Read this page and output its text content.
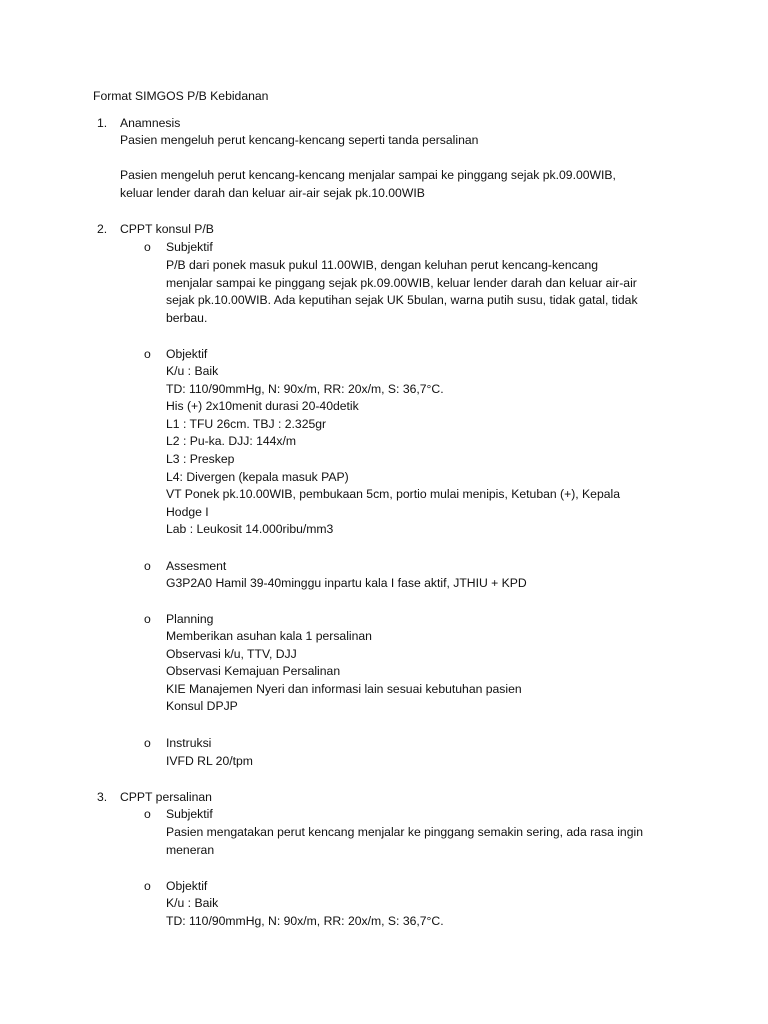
Format SIMGOS P/B Kebidanan
1. Anamnesis
Pasien mengeluh perut kencang-kencang seperti tanda persalinan

Pasien mengeluh perut kencang-kencang menjalar sampai ke pinggang sejak pk.09.00WIB,
keluar lender darah dan keluar air-air sejak pk.10.00WIB
2. CPPT konsul P/B
o Subjektif
P/B dari ponek masuk pukul 11.00WIB, dengan keluhan perut kencang-kencang
menjalar sampai ke pinggang sejak pk.09.00WIB, keluar lender darah dan keluar air-air
sejak pk.10.00WIB. Ada keputihan sejak UK 5bulan, warna putih susu, tidak gatal, tidak
berbau.
o Objektif
K/u : Baik
TD: 110/90mmHg, N: 90x/m, RR: 20x/m, S: 36,7°C.
His (+) 2x10menit durasi 20-40detik
L1 : TFU 26cm. TBJ : 2.325gr
L2 : Pu-ka. DJJ: 144x/m
L3 : Preskep
L4: Divergen (kepala masuk PAP)
VT Ponek pk.10.00WIB, pembukaan 5cm, portio mulai menipis, Ketuban (+), Kepala
Hodge I
Lab : Leukosit 14.000ribu/mm3
o Assesment
G3P2A0 Hamil 39-40minggu inpartu kala I fase aktif, JTHIU + KPD
o Planning
Memberikan asuhan kala 1 persalinan
Observasi k/u, TTV, DJJ
Observasi Kemajuan Persalinan
KIE Manajemen Nyeri dan informasi lain sesuai kebutuhan pasien
Konsul DPJP
o Instruksi
IVFD RL 20/tpm
3. CPPT persalinan
o Subjektif
Pasien mengatakan perut kencang menjalar ke pinggang semakin sering, ada rasa ingin
meneran
o Objektif
K/u : Baik
TD: 110/90mmHg, N: 90x/m, RR: 20x/m, S: 36,7°C.
